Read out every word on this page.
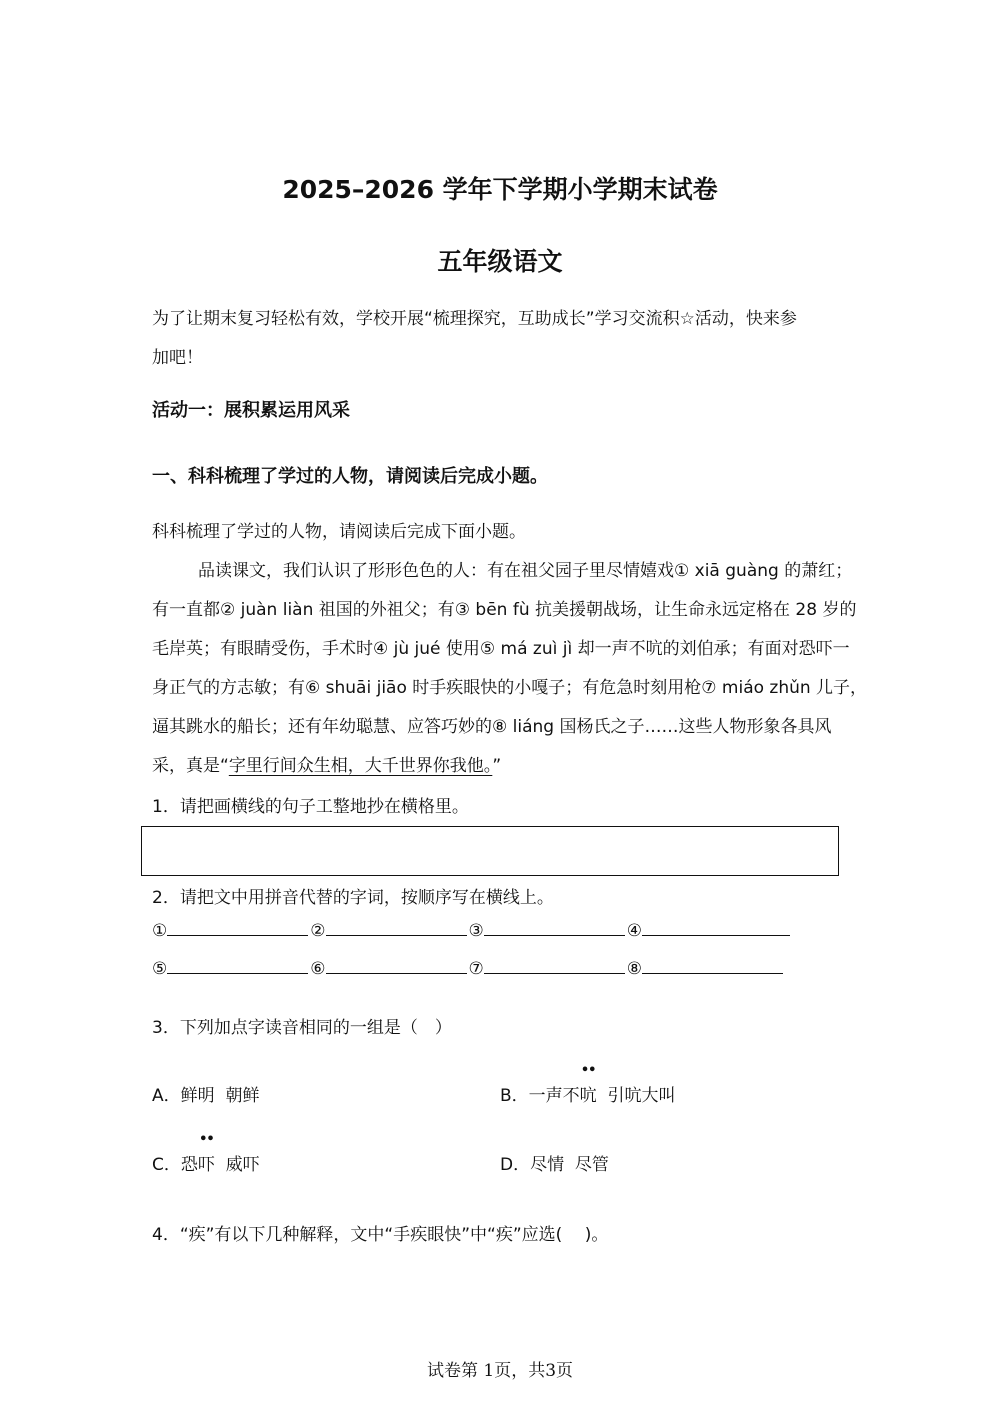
2025–2026 学年下学期小学期末试卷
五年级语文
为了让期末复习轻松有效，学校开展“梳理探究，互助成长”学习交流积☆活动，快来参
加吧！
活动一：展积累运用风采
一、科科梳理了学过的人物，请阅读后完成小题。
科科梳理了学过的人物，请阅读后完成下面小题。
品读课文，我们认识了形形色色的人：有在祖父园子里尽情嬉戏① xiā guàng 的萧红；
有一直都② juàn liàn 祖国的外祖父；有③ bēn fù 抗美援朝战场，让生命永远定格在 28 岁的
毛岸英；有眼睛受伤，手术时④ jù jué 使用⑤ má zuì jì 却一声不吭的刘伯承；有面对恐吓一
身正气的方志敏；有⑥ shuāi jiāo 时手疾眼快的小嘎子；有危急时刻用枪⑦ miáo zhǔn 儿子，
逼其跳水的船长；还有年幼聪慧、应答巧妙的⑧ liáng 国杨氏之子……这些人物形象各具风
采，真是“字里行间众生相，大千世界你我他。”
1．请把画横线的句子工整地抄在横格里。
2．请把文中用拼音代替的字词，按顺序写在横线上。
①	②	③	④
⑤	⑥	⑦	⑧
3．下列加点字读音相同的一组是（　）
A．鲜明 朝鲜	B．一声不
••
吭 引吭大叫
C．恐
••
吓 威吓	D．尽情 尽管
4．“疾”有以下几种解释，文中“手疾眼快”中“疾”应选(　 )。
试卷第 1页，共3页
